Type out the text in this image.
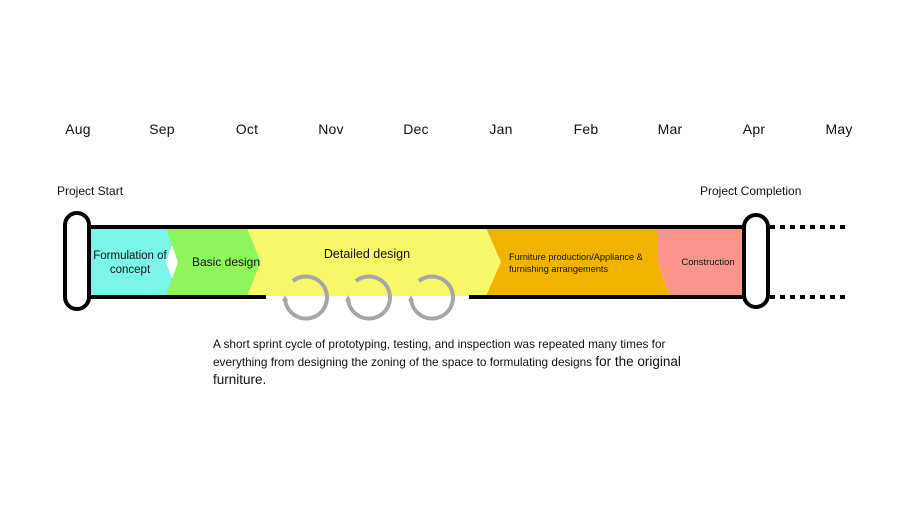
Aug	Sep	Oct	Nov	Dec	Jan	Feb	Mar	Apr	May
Project Start	Project Completion
Formulation of
concept
Basic design
Detailed design	Furniture production/Appliance &
furnishing arrangements
Construction
A short sprint cycle of prototyping, testing, and inspection was repeated many times for
everything from designing the zoning of the space to formulating designs for the original
furniture.
